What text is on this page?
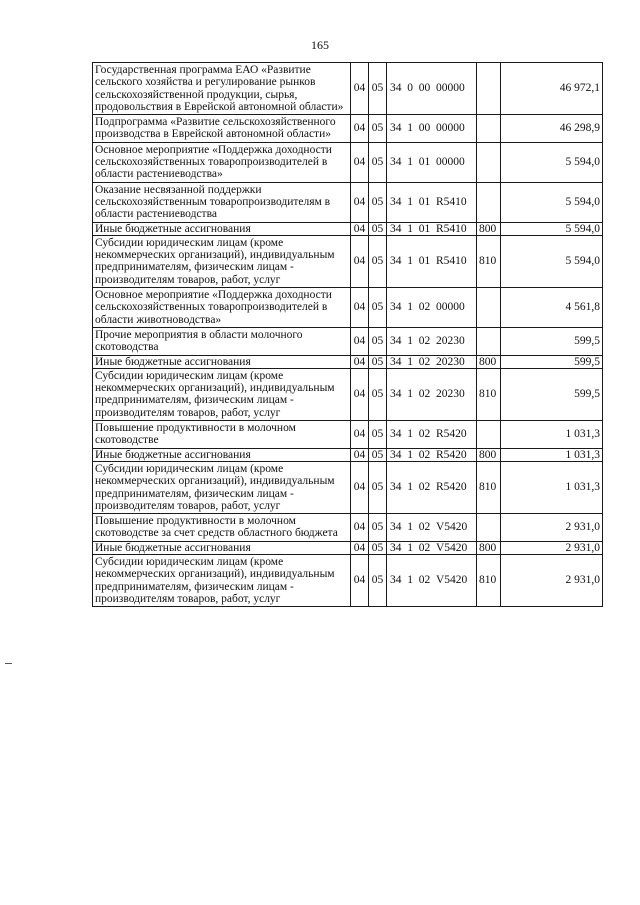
165
Государственная программа ЕАО «Развитие сельского хозяйства и регулирование рынков сельскохозяйственной продукции, сырья, продовольствия в Еврейской автономной области»	04	05	34 0 00 00000		46 972,1
Подпрограмма «Развитие сельскохозяйственного производства в Еврейской автономной области»	04	05	34 1 00 00000		46 298,9
Основное мероприятие «Поддержка доходности сельскохозяйственных товаропроизводителей в области растениеводства»	04	05	34 1 01 00000		5 594,0
Оказание несвязанной поддержки сельскохозяйственным товаропроизводителям в области растениеводства	04	05	34 1 01 R5410		5 594,0
Иные бюджетные ассигнования	04	05	34 1 01 R5410	800	5 594,0
Субсидии юридическим лицам (кроме некоммерческих организаций), индивидуальным предпринимателям, физическим лицам - производителям товаров, работ, услуг	04	05	34 1 01 R5410	810	5 594,0
Основное мероприятие «Поддержка доходности сельскохозяйственных товаропроизводителей в области животноводства»	04	05	34 1 02 00000		4 561,8
Прочие мероприятия в области молочного скотоводства	04	05	34 1 02 20230		599,5
Иные бюджетные ассигнования	04	05	34 1 02 20230	800	599,5
Субсидии юридическим лицам (кроме некоммерческих организаций), индивидуальным предпринимателям, физическим лицам - производителям товаров, работ, услуг	04	05	34 1 02 20230	810	599,5
Повышение продуктивности в молочном скотоводстве	04	05	34 1 02 R5420		1 031,3
Иные бюджетные ассигнования	04	05	34 1 02 R5420	800	1 031,3
Субсидии юридическим лицам (кроме некоммерческих организаций), индивидуальным предпринимателям, физическим лицам - производителям товаров, работ, услуг	04	05	34 1 02 R5420	810	1 031,3
Повышение продуктивности в молочном скотоводстве за счет средств областного бюджета	04	05	34 1 02 V5420		2 931,0
Иные бюджетные ассигнования	04	05	34 1 02 V5420	800	2 931,0
Субсидии юридическим лицам (кроме некоммерческих организаций), индивидуальным предпринимателям, физическим лицам - производителям товаров, работ, услуг	04	05	34 1 02 V5420	810	2 931,0
